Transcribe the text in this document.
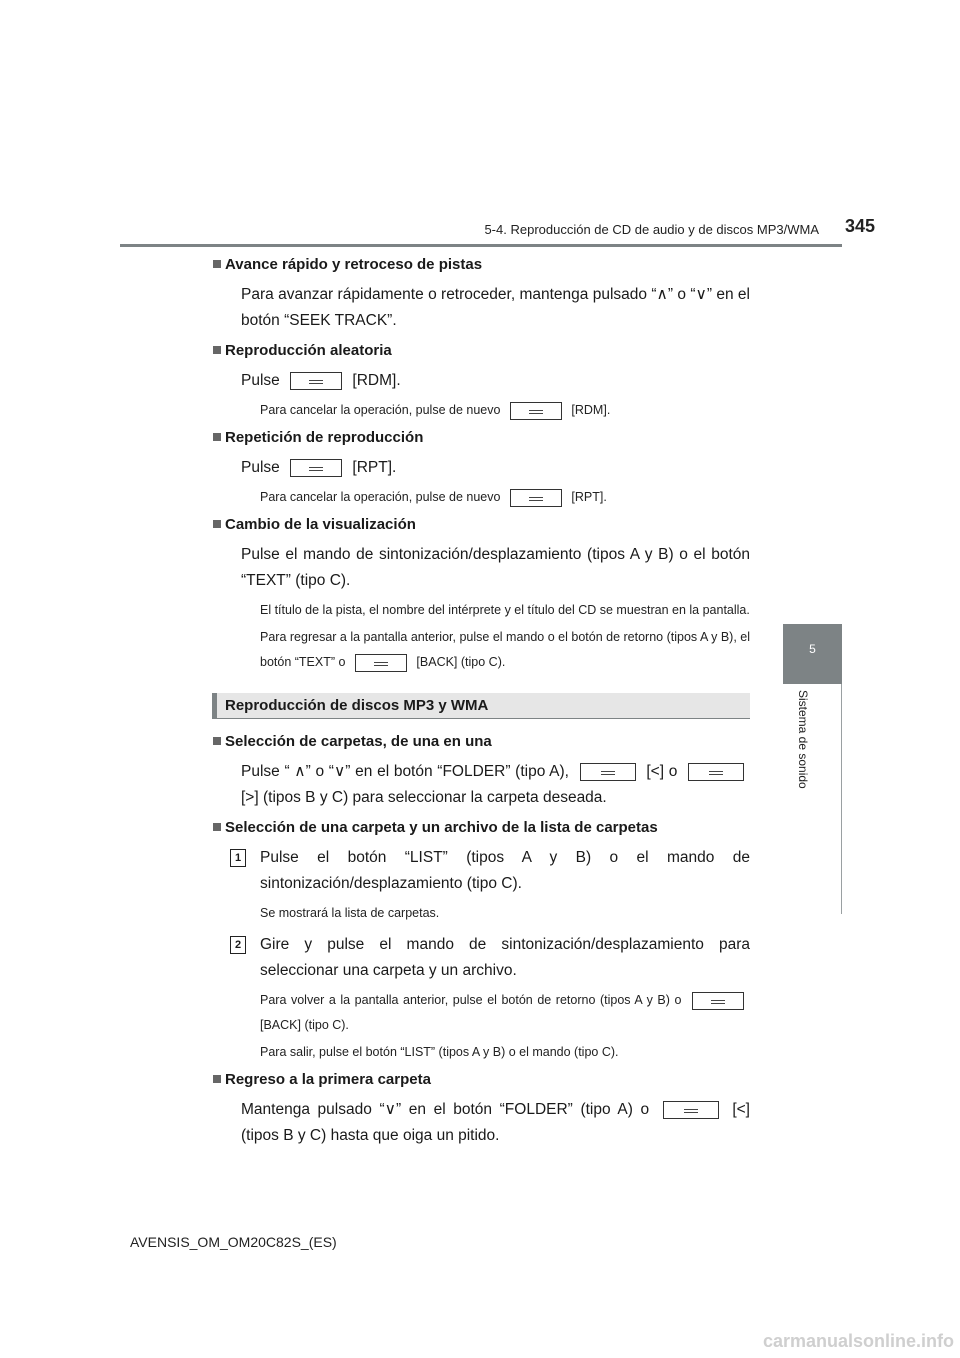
5-4. Reproducción de CD de audio y de discos MP3/WMA 345
5
Sistema de sonido
Avance rápido y retroceso de pistas
Para avanzar rápidamente o retroceder, mantenga pulsado “∧” o “∨” en el botón “SEEK TRACK”.
Reproducción aleatoria
Pulse	[RDM].
Para cancelar la operación, pulse de nuevo	[RDM].
Repetición de reproducción
Pulse	[RPT].
Para cancelar la operación, pulse de nuevo	[RPT].
Cambio de la visualización
Pulse el mando de sintonización/desplazamiento (tipos A y B) o el botón “TEXT” (tipo C).
El título de la pista, el nombre del intérprete y el título del CD se muestran en la pantalla.
Para regresar a la pantalla anterior, pulse el mando o el botón de retorno (tipos A y B), el botón “TEXT” o	[BACK] (tipo C).
Reproducción de discos MP3 y WMA
Selección de carpetas, de una en una
Pulse “ ∧” o “∨” en el botón “FOLDER” (tipo A),	[<] o  [>] (tipos B y C) para seleccionar la carpeta deseada.
Selección de una carpeta y un archivo de la lista de carpetas
1	Pulse el botón “LIST” (tipos A y B) o el mando de sintonización/desplazamiento (tipo C).
Se mostrará la lista de carpetas.
2	Gire y pulse el mando de sintonización/desplazamiento para seleccionar una carpeta y un archivo.
Para volver a la pantalla anterior, pulse el botón de retorno (tipos A y B) o  [BACK] (tipo C).
Para salir, pulse el botón “LIST” (tipos A y B) o el mando (tipo C).
Regreso a la primera carpeta
Mantenga pulsado “∨” en el botón “FOLDER” (tipo A) o	[<] (tipos B y C) hasta que oiga un pitido.
AVENSIS_OM_OM20C82S_(ES)
carmanualsonline.info
